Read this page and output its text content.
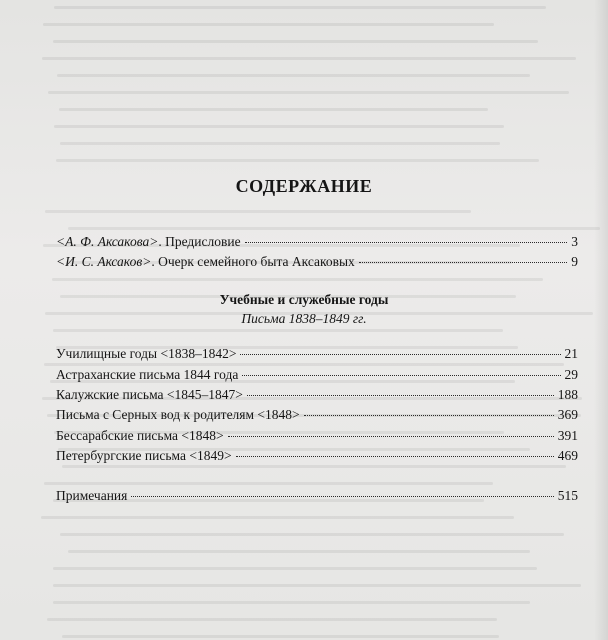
СОДЕРЖАНИЕ
<А. Ф. Аксакова>. Предисловие	3
<И. С. Аксаков>. Очерк семейного быта Аксаковых	9
Учебные и служебные годы
Письма 1838–1849 гг.
Училищные годы <1838–1842>	21
Астраханские письма 1844 года	29
Калужские письма <1845–1847>	188
Письма с Серных вод к родителям <1848>	369
Бессарабские письма <1848>	391
Петербургские письма <1849>	469
Примечания	515
